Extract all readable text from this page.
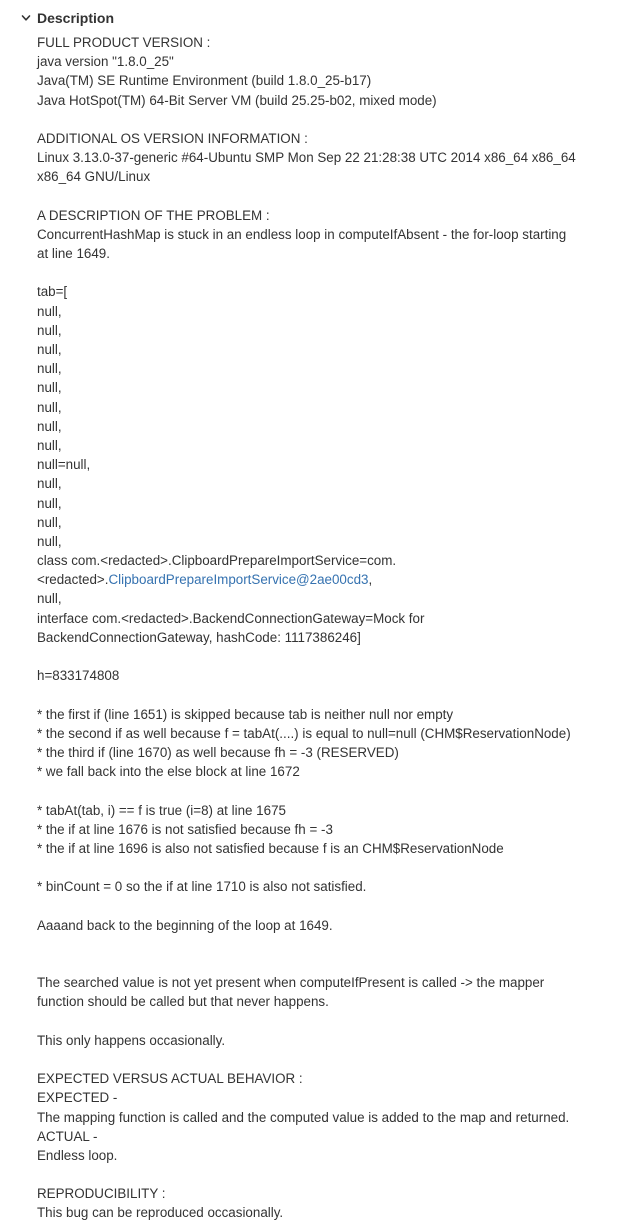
Description
FULL PRODUCT VERSION :
java version "1.8.0_25"
Java(TM) SE Runtime Environment (build 1.8.0_25-b17)
Java HotSpot(TM) 64-Bit Server VM (build 25.25-b02, mixed mode)
ADDITIONAL OS VERSION INFORMATION :
Linux 3.13.0-37-generic #64-Ubuntu SMP Mon Sep 22 21:28:38 UTC 2014 x86_64 x86_64
x86_64 GNU/Linux
A DESCRIPTION OF THE PROBLEM :
ConcurrentHashMap is stuck in an endless loop in computeIfAbsent - the for-loop starting
at line 1649.
tab=[
null,
null,
null,
null,
null,
null,
null,
null,
null=null,
null,
null,
null,
null,
class com.<redacted>.ClipboardPrepareImportService=com.
<redacted>.ClipboardPrepareImportService@2ae00cd3,
null,
interface com.<redacted>.BackendConnectionGateway=Mock for
BackendConnectionGateway, hashCode: 1117386246]
h=833174808
* the first if (line 1651) is skipped because tab is neither null nor empty
* the second if as well because f = tabAt(....) is equal to null=null (CHM$ReservationNode)
* the third if (line 1670) as well because fh = -3 (RESERVED)
* we fall back into the else block at line 1672
* tabAt(tab, i) == f is true (i=8) at line 1675
* the if at line 1676 is not satisfied because fh = -3
* the if at line 1696 is also not satisfied because f is an CHM$ReservationNode
* binCount = 0 so the if at line 1710 is also not satisfied.
Aaaand back to the beginning of the loop at 1649.
The searched value is not yet present when computeIfPresent is called -> the mapper
function should be called but that never happens.
This only happens occasionally.
EXPECTED VERSUS ACTUAL BEHAVIOR :
EXPECTED -
The mapping function is called and the computed value is added to the map and returned.
ACTUAL -
Endless loop.
REPRODUCIBILITY :
This bug can be reproduced occasionally.
